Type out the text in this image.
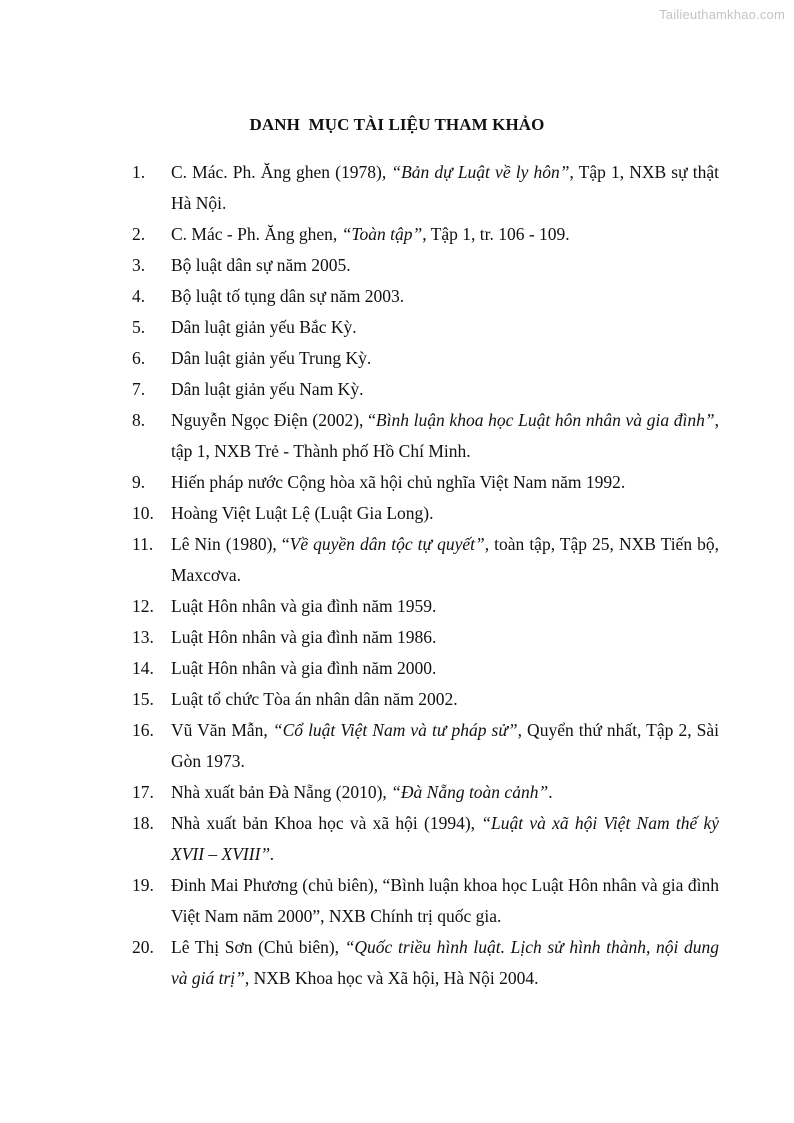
Tailieuthamkhao.com
DANH  MỤC TÀI LIỆU THAM KHẢO
1.	C. Mác. Ph. Ăng ghen (1978), “Bản dự Luật về ly hôn”, Tập 1, NXB sự thật Hà Nội.
2.	C. Mác - Ph. Ăng ghen, “Toàn tập”, Tập 1, tr. 106 - 109.
3.	Bộ luật dân sự năm 2005.
4.	Bộ luật tố tụng dân sự năm 2003.
5.	Dân luật giản yếu Bắc Kỳ.
6.	Dân luật giản yếu Trung Kỳ.
7.	Dân luật giản yếu Nam Kỳ.
8.	Nguyễn Ngọc Điện (2002), “Bình luận khoa học Luật hôn nhân và gia đình”, tập 1, NXB Trẻ - Thành phố Hồ Chí Minh.
9.	Hiến pháp nước Cộng hòa xã hội chủ nghĩa Việt Nam năm 1992.
10. Hoàng Việt Luật Lệ (Luật Gia Long).
11.	Lê Nin (1980), “Về quyền dân tộc tự quyết”, toàn tập, Tập 25, NXB Tiến bộ, Maxcơva.
12. Luật Hôn nhân và gia đình năm 1959.
13. Luật Hôn nhân và gia đình năm 1986.
14. Luật Hôn nhân và gia đình năm 2000.
15. Luật tổ chức Tòa án nhân dân năm 2002.
16. Vũ Văn Mẫn, “Cổ luật Việt Nam và tư pháp sử”, Quyển thứ nhất, Tập 2, Sài Gòn 1973.
17. Nhà xuất bản Đà Nẵng (2010), “Đà Nẵng toàn cảnh”.
18. Nhà xuất bản Khoa học và xã hội (1994), “Luật và xã hội Việt Nam thế kỷ XVII – XVIII”.
19. Đinh Mai Phương (chủ biên), “Bình luận khoa học Luật Hôn nhân và gia đình Việt Nam năm 2000”, NXB Chính trị quốc gia.
20. Lê Thị Sơn (Chủ biên), “Quốc triều hình luật. Lịch sử hình thành, nội dung và giá trị”, NXB Khoa học và Xã hội, Hà Nội 2004.
